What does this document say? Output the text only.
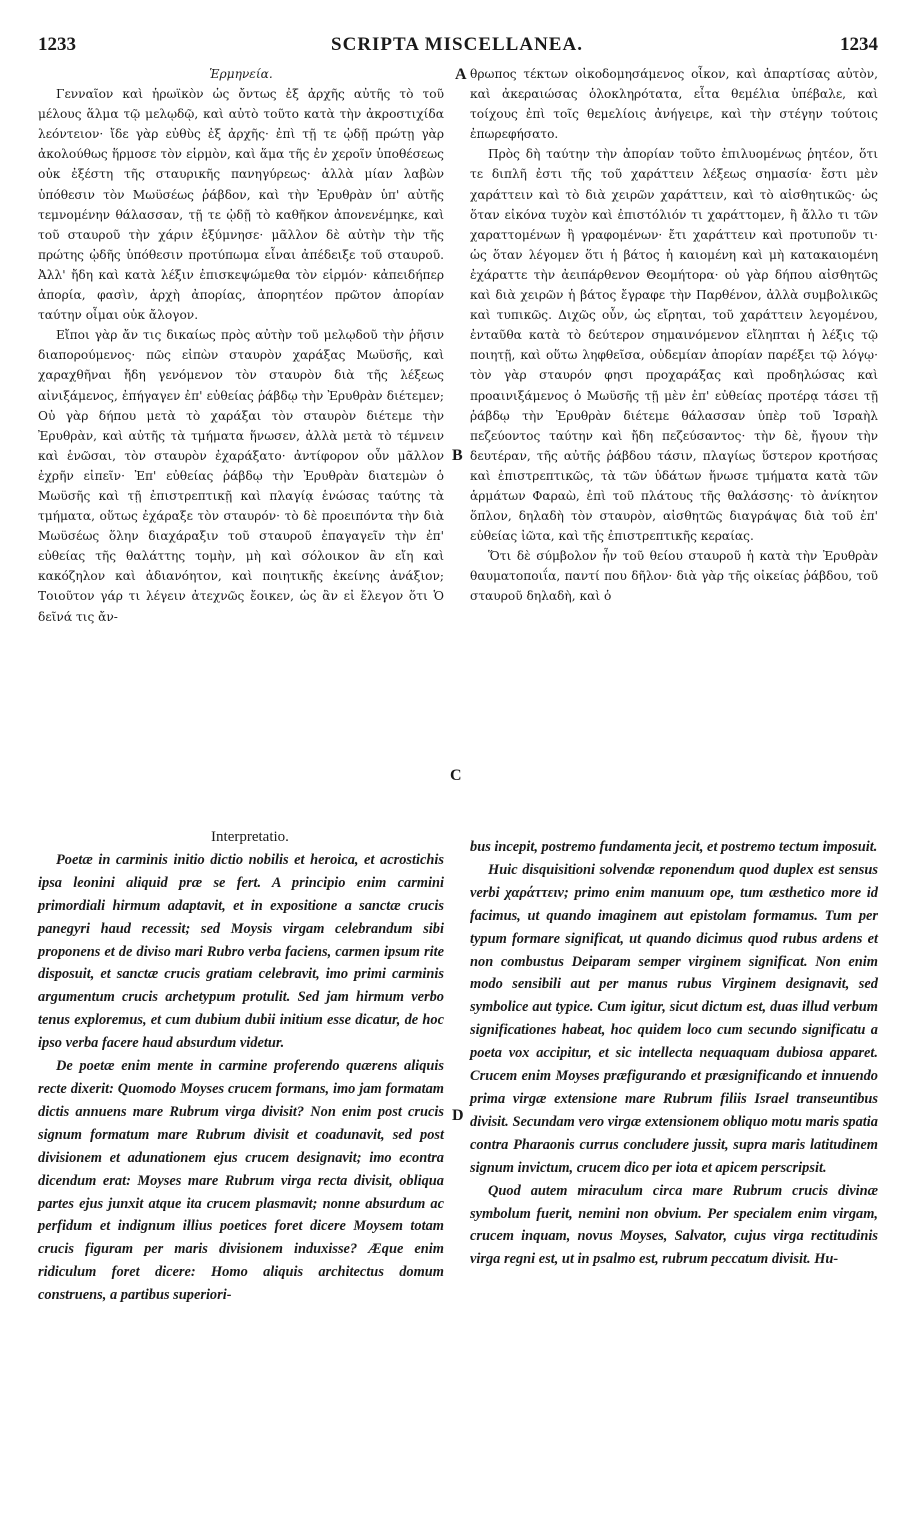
1233	SCRIPTA MISCELLANEA.	1234
A
B
C
D

Ἑρμηνεία.

Γενναῖον καὶ ἡρωϊκὸν ὡς ὄντως ἐξ ἀρχῆς αὐτῆς τὸ τοῦ μέλους ἅλμα τῷ μελῳδῷ, καὶ αὐτὸ τοῦτο κατὰ τὴν ἀκροστιχίδα λεόντειον· ἴδε γὰρ εὐθὺς ἐξ ἀρχῆς· ἐπὶ τῇ τε ᾠδῇ πρώτῃ γὰρ ἀκολούθως ἥρμοσε τὸν εἱρμὸν, καὶ ἅμα τῆς ἐν χεροῖν ὑποθέσεως οὐκ ἐξέστη τῆς σταυρικῆς πανηγύρεως· ἀλλὰ μίαν λαβὼν ὑπόθεσιν τὸν Μωϋσέως ῥάβδον, καὶ τὴν Ἐρυθρὰν ὑπ' αὐτῆς τεμνομένην θάλασσαν, τῇ τε ᾠδῇ τὸ καθῆκον ἀπονενέμηκε, καὶ τοῦ σταυροῦ τὴν χάριν ἐξύμνησε· μᾶλλον δὲ αὐτὴν τὴν τῆς πρώτης ᾠδῆς ὑπόθεσιν προτύπωμα εἶναι ἀπέδειξε τοῦ σταυροῦ. Ἀλλ' ἤδη καὶ κατὰ λέξιν ἐπισκεψώμεθα τὸν εἱρμόν· κἀπειδήπερ ἀπορία, φασὶν, ἀρχὴ ἀπορίας, ἀπορητέον πρῶτον ἀπορίαν ταύτην οἶμαι οὐκ ἄλογον.

Εἴποι γὰρ ἄν τις δικαίως πρὸς αὐτὴν τοῦ μελῳδοῦ τὴν ῥῆσιν διαπορούμενος· πῶς εἰπὼν σταυρὸν χαράξας Μωϋσῆς, καὶ χαραχθῆναι ἤδη γενόμενον τὸν σταυρὸν διὰ τῆς λέξεως αἰνιξάμενος, ἐπήγαγεν ἐπ' εὐθείας ῥάβδῳ τὴν Ἐρυθρὰν διέτεμεν; Οὐ γὰρ δήπου μετὰ τὸ χαράξαι τὸν σταυρὸν διέτεμε τὴν Ἐρυθρὰν, καὶ αὐτῆς τὰ τμήματα ἥνωσεν, ἀλλὰ μετὰ τὸ τέμνειν καὶ ἑνῶσαι, τὸν σταυρὸν ἐχαράξατο· ἀντίφορον οὖν μᾶλλον ἐχρῆν εἰπεῖν· Ἐπ' εὐθείας ῥάβδῳ τὴν Ἐρυθρὰν διατεμὼν ὁ Μωϋσῆς καὶ τῇ ἐπιστρεπτικῇ καὶ πλαγίᾳ ἑνώσας ταύτης τὰ τμήματα, οὕτως ἐχάραξε τὸν σταυρόν· τὸ δὲ προειπόντα τὴν διὰ Μωϋσέως ὅλην διαχάραξιν τοῦ σταυροῦ ἐπαγαγεῖν τὴν ἐπ' εὐθείας τῆς θαλάττης τομὴν, μὴ καὶ σόλοικον ἂν εἴη καὶ κακόζηλον καὶ ἀδιανόητον, καὶ ποιητικῆς ἐκείνης ἀνάξιον; Τοιοῦτον γάρ τι λέγειν ἀτεχνῶς ἔοικεν, ὡς ἂν εἰ ἔλεγον ὅτι Ὁ δεῖνά τις ἄν-

θρωπος τέκτων οἰκοδομησάμενος οἶκον, καὶ ἀπαρτίσας αὐτὸν, καὶ ἀκεραιώσας ὁλοκληρότατα, εἶτα θεμέλια ὑπέβαλε, καὶ τοίχους ἐπὶ τοῖς θεμελίοις ἀνήγειρε, καὶ τὴν στέγην τούτοις ἐπωρεφήσατο.

Πρὸς δὴ ταύτην τὴν ἀπορίαν τοῦτο ἐπιλυομένως ῥητέον, ὅτι τε διπλῆ ἐστι τῆς τοῦ χαράττειν λέξεως σημασία· ἔστι μὲν χαράττειν καὶ τὸ διὰ χειρῶν χαράττειν, καὶ τὸ αἰσθητικῶς· ὡς ὅταν εἰκόνα τυχὸν καὶ ἐπιστόλιόν τι χαράττομεν, ἢ ἄλλο τι τῶν χαραττομένων ἢ γραφομένων· ἔτι χαράττειν καὶ προτυποῦν τι· ὡς ὅταν λέγομεν ὅτι ἡ βάτος ἡ καιομένη καὶ μὴ κατακαιομένη ἐχάραττε τὴν ἀειπάρθενον Θεομήτορα· οὐ γὰρ δήπου αἰσθητῶς καὶ διὰ χειρῶν ἡ βάτος ἔγραφε τὴν Παρθένον, ἀλλὰ συμβολικῶς καὶ τυπικῶς. Διχῶς οὖν, ὡς εἴρηται, τοῦ χαράττειν λεγομένου, ἐνταῦθα κατὰ τὸ δεύτερον σημαινόμενον εἴληπται ἡ λέξις τῷ ποιητῇ, καὶ οὕτω ληφθεῖσα, οὐδεμίαν ἀπορίαν παρέξει τῷ λόγῳ· τὸν γὰρ σταυρόν φησι προχαράξας καὶ προδηλώσας καὶ προαινιξάμενος ὁ Μωϋσῆς τῇ μὲν ἐπ' εὐθείας προτέρᾳ τάσει τῇ ῥάβδῳ τὴν Ἐρυθρὰν διέτεμε θάλασσαν ὑπὲρ τοῦ Ἰσραὴλ πεζεύοντος ταύτην καὶ ἤδη πεζεύσαντος· τὴν δὲ, ἤγουν τὴν δευτέραν, τῆς αὐτῆς ῥάβδου τάσιν, πλαγίως ὕστερον κροτήσας καὶ ἐπιστρεπτικῶς, τὰ τῶν ὑδάτων ἥνωσε τμήματα κατὰ τῶν ἁρμάτων Φαραὼ, ἐπὶ τοῦ πλάτους τῆς θαλάσσης· τὸ ἀνίκητον ὅπλον, δηλαδὴ τὸν σταυρὸν, αἰσθητῶς διαγράψας διὰ τοῦ ἐπ' εὐθείας ἰῶτα, καὶ τῆς ἐπιστρεπτικῆς κεραίας.

Ὅτι δὲ σύμβολον ἦν τοῦ θείου σταυροῦ ἡ κατὰ τὴν Ἐρυθρὰν θαυματοποιΐα, παντί που δῆλον· διὰ γὰρ τῆς οἰκείας ῥάβδου, τοῦ σταυροῦ δηλαδὴ, καὶ ὁ

Interpretatio.

Poetæ in carminis initio dictio nobilis et heroica, et acrostichis ipsa leonini aliquid præ se fert. A principio enim carmini primordiali hirmum adaptavit, et in expositione a sanctæ crucis panegyri haud recessit; sed Moysis virgam celebrandum sibi proponens et de diviso mari Rubro verba faciens, carmen ipsum rite disposuit, et sanctæ crucis gratiam celebravit, imo primi carminis argumentum crucis archetypum protulit. Sed jam hirmum verbo tenus exploremus, et cum dubium dubii initium esse dicatur, de hoc ipso verba facere haud absurdum videtur.

De poetæ enim mente in carmine proferendo quærens aliquis recte dixerit: Quomodo Moyses crucem formans, imo jam formatam dictis annuens mare Rubrum virga divisit? Non enim post crucis signum formatum mare Rubrum divisit et coadunavit, sed post divisionem et adunationem ejus crucem designavit; imo econtra dicendum erat: Moyses mare Rubrum virga recta divisit, obliqua partes ejus junxit atque ita crucem plasmavit; nonne absurdum ac perfidum et indignum illius poetices foret dicere Moysem totam crucis figuram per maris divisionem induxisse? Æque enim ridiculum foret dicere: Homo aliquis architectus domum construens, a partibus superiori-

bus incepit, postremo fundamenta jecit, et postremo tectum imposuit.

Huic disquisitioni solvendæ reponendum quod duplex est sensus verbi χαράττειν; primo enim manuum ope, tum æsthetico more id facimus, ut quando imaginem aut epistolam formamus. Tum per typum formare significat, ut quando dicimus quod rubus ardens et non combustus Deiparam semper virginem significat. Non enim modo sensibili aut per manus rubus Virginem designavit, sed symbolice aut typice. Cum igitur, sicut dictum est, duas illud verbum significationes habeat, hoc quidem loco cum secundo significatu a poeta vox accipitur, et sic intellecta nequaquam dubiosa apparet. Crucem enim Moyses præfigurando et præsignificando et innuendo prima virgæ extensione mare Rubrum filiis Israel transeuntibus divisit. Secundam vero virgæ extensionem obliquo motu maris spatia contra Pharaonis currus concludere jussit, supra maris latitudinem signum invictum, crucem dico per iota et apicem perscripsit.

Quod autem miraculum circa mare Rubrum crucis divinæ symbolum fuerit, nemini non obvium. Per specialem enim virgam, crucem inquam, novus Moyses, Salvator, cujus virga rectitudinis virga regni est, ut in psalmo est, rubrum peccatum divisit. Hu-
